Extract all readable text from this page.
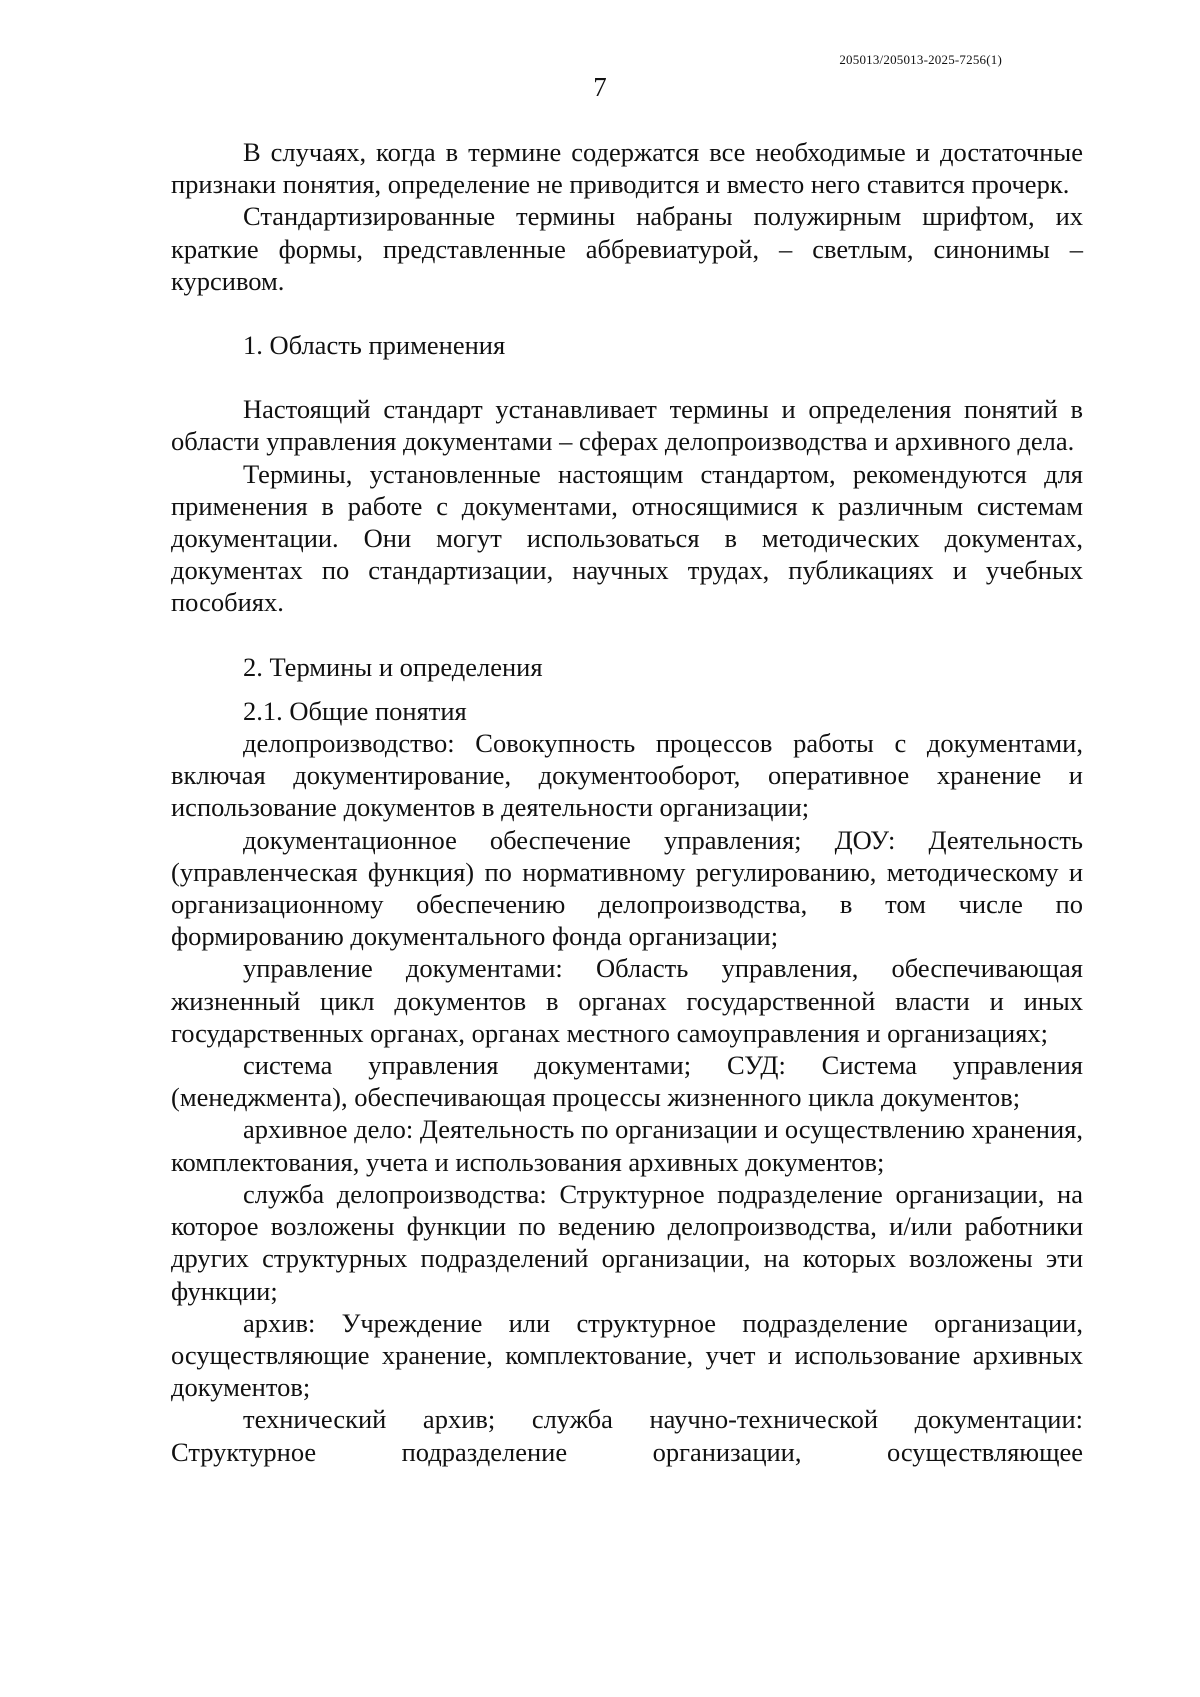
205013/205013-2025-7256(1)
7

В случаях, когда в термине содержатся все необходимые и достаточные признаки понятия, определение не приводится и вместо него ставится прочерк.

Стандартизированные термины набраны полужирным шрифтом, их краткие формы, представленные аббревиатурой, – светлым, синонимы – курсивом.

1. Область применения

Настоящий стандарт устанавливает термины и определения понятий в области управления документами – сферах делопроизводства и архивного дела.

Термины, установленные настоящим стандартом, рекомендуются для применения в работе с документами, относящимися к различным системам документации. Они могут использоваться в методических документах, документах по стандартизации, научных трудах, публикациях и учебных пособиях.

2. Термины и определения

2.1. Общие понятия

делопроизводство: Совокупность процессов работы с документами, включая документирование, документооборот, оперативное хранение и использование документов в деятельности организации;

документационное обеспечение управления; ДОУ: Деятельность (управленческая функция) по нормативному регулированию, методическому и организационному обеспечению делопроизводства, в том числе по формированию документального фонда организации;

управление документами: Область управления, обеспечивающая жизненный цикл документов в органах государственной власти и иных государственных органах, органах местного самоуправления и организациях;

система управления документами; СУД: Система управления (менеджмента), обеспечивающая процессы жизненного цикла документов;

архивное дело: Деятельность по организации и осуществлению хранения, комплектования, учета и использования архивных документов;

служба делопроизводства: Структурное подразделение организации, на которое возложены функции по ведению делопроизводства, и/или работники других структурных подразделений организации, на которых возложены эти функции;

архив: Учреждение или структурное подразделение организации, осуществляющие хранение, комплектование, учет и использование архивных документов;

технический архив; служба научно-технической документации: Структурное подразделение организации, осуществляющее
